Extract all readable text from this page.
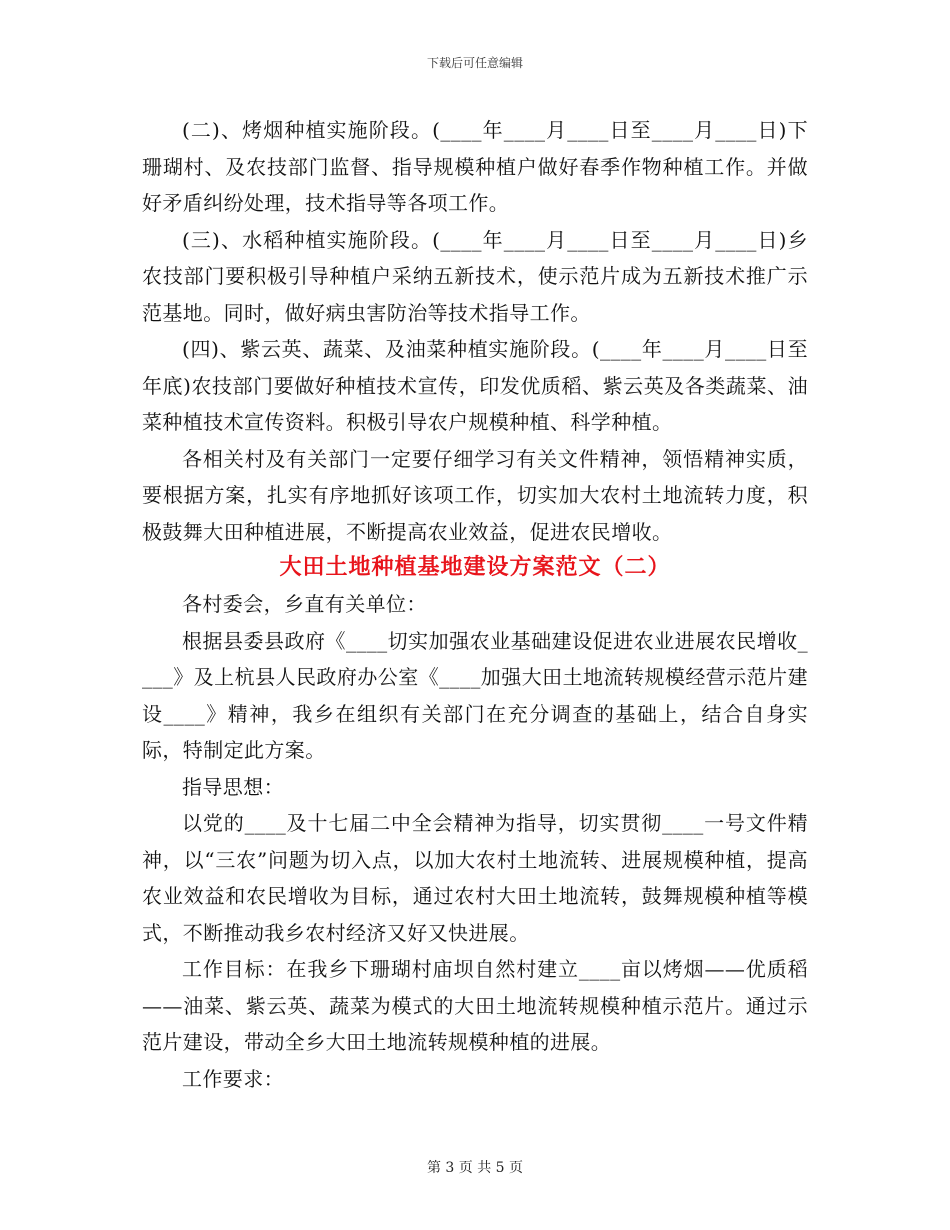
下载后可任意编辑

(二)、烤烟种植实施阶段。(____年____月____日至____月____日)下珊瑚村、及农技部门监督、指导规模种植户做好春季作物种植工作。并做好矛盾纠纷处理，技术指导等各项工作。

(三)、水稻种植实施阶段。(____年____月____日至____月____日)乡农技部门要积极引导种植户采纳五新技术，使示范片成为五新技术推广示范基地。同时，做好病虫害防治等技术指导工作。

(四)、紫云英、蔬菜、及油菜种植实施阶段。(____年____月____日至年底)农技部门要做好种植技术宣传，印发优质稻、紫云英及各类蔬菜、油菜种植技术宣传资料。积极引导农户规模种植、科学种植。

各相关村及有关部门一定要仔细学习有关文件精神，领悟精神实质，要根据方案，扎实有序地抓好该项工作，切实加大农村土地流转力度，积极鼓舞大田种植进展，不断提高农业效益，促进农民增收。

大田土地种植基地建设方案范文（二）

各村委会，乡直有关单位：

根据县委县政府《____切实加强农业基础建设促进农业进展农民增收____》及上杭县人民政府办公室《____加强大田土地流转规模经营示范片建设____》精神，我乡在组织有关部门在充分调查的基础上，结合自身实际，特制定此方案。

指导思想：

以党的____及十七届二中全会精神为指导，切实贯彻____一号文件精神，以“三农”问题为切入点，以加大农村土地流转、进展规模种植，提高农业效益和农民增收为目标，通过农村大田土地流转，鼓舞规模种植等模式，不断推动我乡农村经济又好又快进展。

工作目标：在我乡下珊瑚村庙坝自然村建立____亩以烤烟——优质稻——油菜、紫云英、蔬菜为模式的大田土地流转规模种植示范片。通过示范片建设，带动全乡大田土地流转规模种植的进展。

工作要求：

第 3 页 共 5 页
